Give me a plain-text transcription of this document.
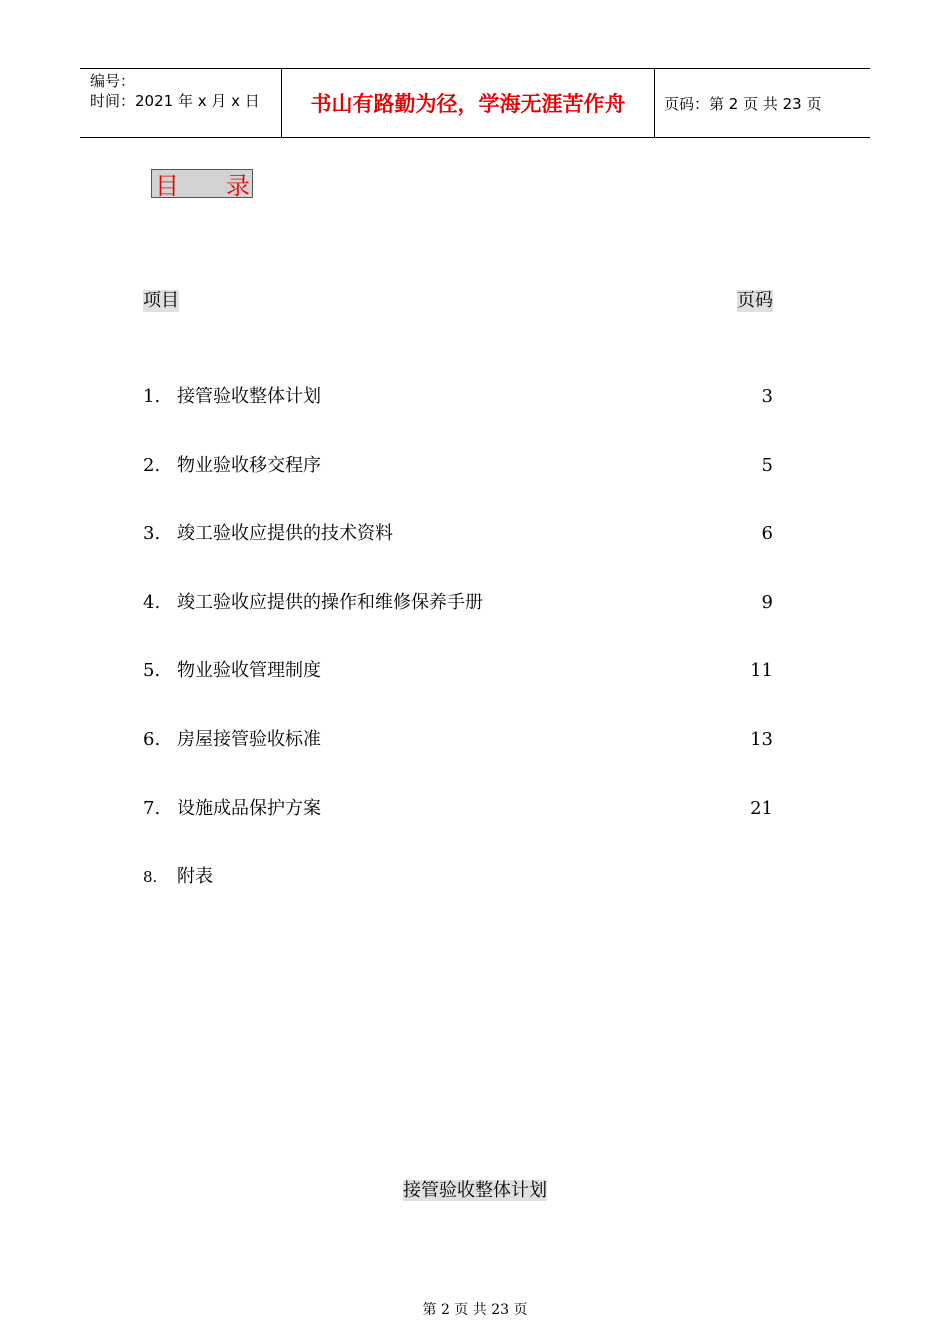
编号：
时间：2021 年 x 月 x 日	书山有路勤为径，学海无涯苦作舟	页码：第 2 页 共 23 页
目 录
项目	页码
1. 接管验收整体计划	3
2. 物业验收移交程序	5
3. 竣工验收应提供的技术资料	6
4. 竣工验收应提供的操作和维修保养手册	9
5. 物业验收管理制度	11
6. 房屋接管验收标准	13
7. 设施成品保护方案	21
8. 附表
接管验收整体计划
第 2 页 共 23 页
